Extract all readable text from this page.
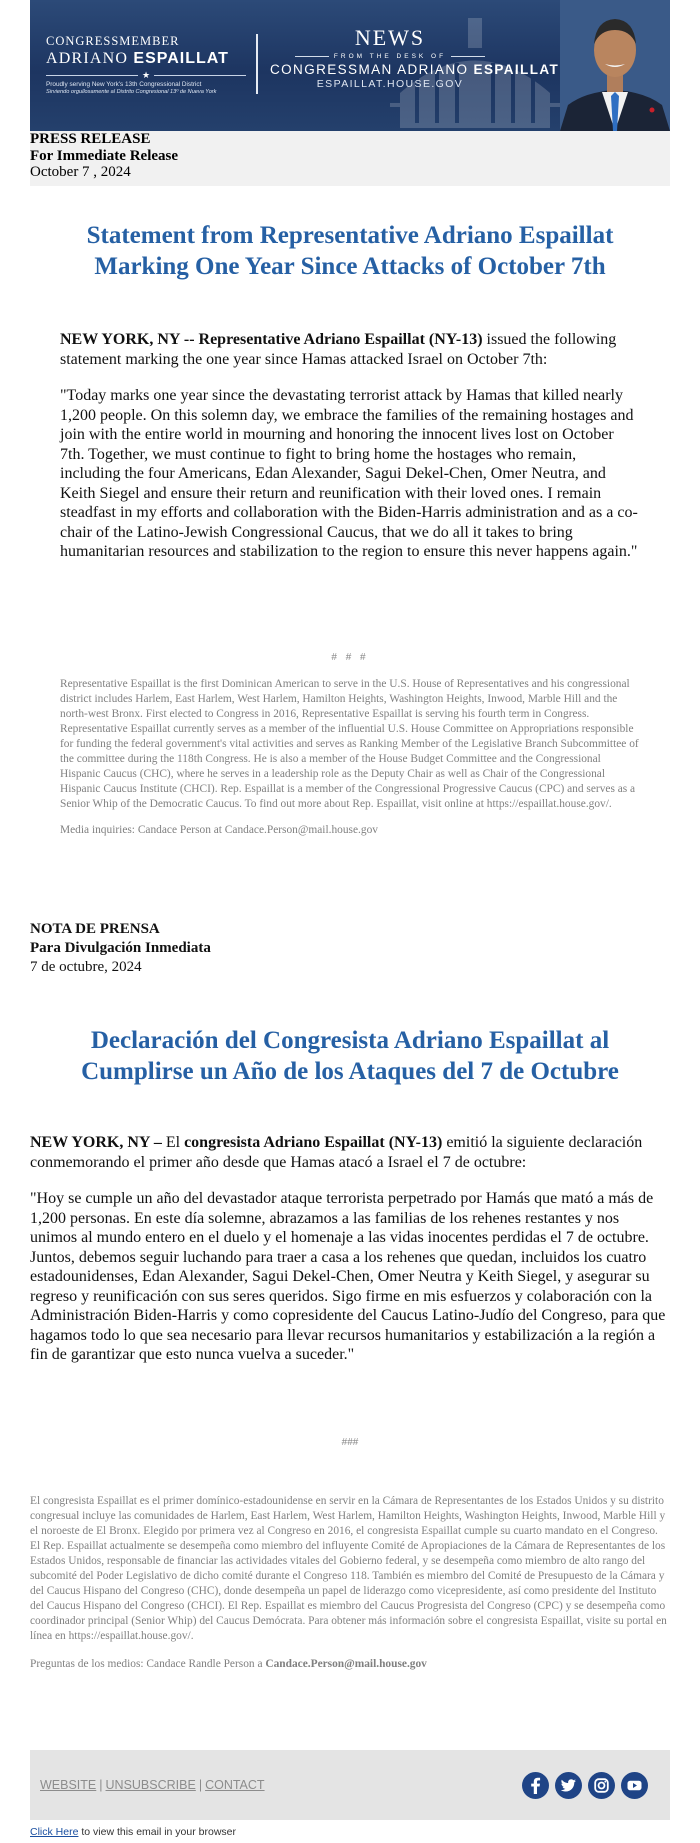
CONGRESSMEMBER
ADRIANO ESPAILLAT
★
Proudly serving New York's 13th Congressional District
Sirviendo orgullosamente al Distrito Congresional 13º de Nueva York
NEWS
FROM THE DESK OF
CONGRESSMAN ADRIANO ESPAILLAT
ESPAILLAT.HOUSE.GOV
PRESS RELEASE
For Immediate Release
October 7 , 2024
Statement from Representative Adriano Espaillat Marking One Year Since Attacks of October 7th

NEW YORK, NY -- Representative Adriano Espaillat (NY-13) issued the following statement marking the one year since Hamas attacked Israel on October 7th:

"Today marks one year since the devastating terrorist attack by Hamas that killed nearly 1,200 people. On this solemn day, we embrace the families of the remaining hostages and join with the entire world in mourning and honoring the innocent lives lost on October 7th. Together, we must continue to fight to bring home the hostages who remain, including the four Americans, Edan Alexander, Sagui Dekel-Chen, Omer Neutra, and Keith Siegel and ensure their return and reunification with their loved ones. I remain steadfast in my efforts and collaboration with the Biden-Harris administration and as a co-chair of the Latino-Jewish Congressional Caucus, that we do all it takes to bring humanitarian resources and stabilization to the region to ensure this never happens again."

# # #

Representative Espaillat is the first Dominican American to serve in the U.S. House of Representatives and his congressional district includes Harlem, East Harlem, West Harlem, Hamilton Heights, Washington Heights, Inwood, Marble Hill and the north-west Bronx. First elected to Congress in 2016, Representative Espaillat is serving his fourth term in Congress. Representative Espaillat currently serves as a member of the influential U.S. House Committee on Appropriations responsible for funding the federal government's vital activities and serves as Ranking Member of the Legislative Branch Subcommittee of the committee during the 118th Congress. He is also a member of the House Budget Committee and the Congressional Hispanic Caucus (CHC), where he serves in a leadership role as the Deputy Chair as well as Chair of the Congressional Hispanic Caucus Institute (CHCI). Rep. Espaillat is a member of the Congressional Progressive Caucus (CPC) and serves as a Senior Whip of the Democratic Caucus. To find out more about Rep. Espaillat, visit online at https://espaillat.house.gov/.

Media inquiries: Candace Person at Candace.Person@mail.house.gov

NOTA DE PRENSA
Para Divulgación Inmediata
7 de octubre, 2024
Declaración del Congresista Adriano Espaillat al Cumplirse un Año de los Ataques del 7 de Octubre

NEW YORK, NY – El congresista Adriano Espaillat (NY-13) emitió la siguiente declaración conmemorando el primer año desde que Hamas atacó a Israel el 7 de octubre:

"Hoy se cumple un año del devastador ataque terrorista perpetrado por Hamás que mató a más de 1,200 personas. En este día solemne, abrazamos a las familias de los rehenes restantes y nos unimos al mundo entero en el duelo y el homenaje a las vidas inocentes perdidas el 7 de octubre. Juntos, debemos seguir luchando para traer a casa a los rehenes que quedan, incluidos los cuatro estadounidenses, Edan Alexander, Sagui Dekel-Chen, Omer Neutra y Keith Siegel, y asegurar su regreso y reunificación con sus seres queridos. Sigo firme en mis esfuerzos y colaboración con la Administración Biden-Harris y como copresidente del Caucus Latino-Judío del Congreso, para que hagamos todo lo que sea necesario para llevar recursos humanitarios y estabilización a la región a fin de garantizar que esto nunca vuelva a suceder."

###

El congresista Espaillat es el primer domínico-estadounidense en servir en la Cámara de Representantes de los Estados Unidos y su distrito congresual incluye las comunidades de Harlem, East Harlem, West Harlem, Hamilton Heights, Washington Heights, Inwood, Marble Hill y el noroeste de El Bronx. Elegido por primera vez al Congreso en 2016, el congresista Espaillat cumple su cuarto mandato en el Congreso. El Rep. Espaillat actualmente se desempeña como miembro del influyente Comité de Apropiaciones de la Cámara de Representantes de los Estados Unidos, responsable de financiar las actividades vitales del Gobierno federal, y se desempeña como miembro de alto rango del subcomité del Poder Legislativo de dicho comité durante el Congreso 118. También es miembro del Comité de Presupuesto de la Cámara y del Caucus Hispano del Congreso (CHC), donde desempeña un papel de liderazgo como vicepresidente, así como presidente del Instituto del Caucus Hispano del Congreso (CHCI). El Rep. Espaillat es miembro del Caucus Progresista del Congreso (CPC) y se desempeña como coordinador principal (Senior Whip) del Caucus Demócrata. Para obtener más información sobre el congresista Espaillat, visite su portal en línea en https://espaillat.house.gov/.

Preguntas de los medios: Candace Randle Person a Candace.Person@mail.house.gov

WEBSITE | UNSUBSCRIBE | CONTACT
Click Here to view this email in your browser
